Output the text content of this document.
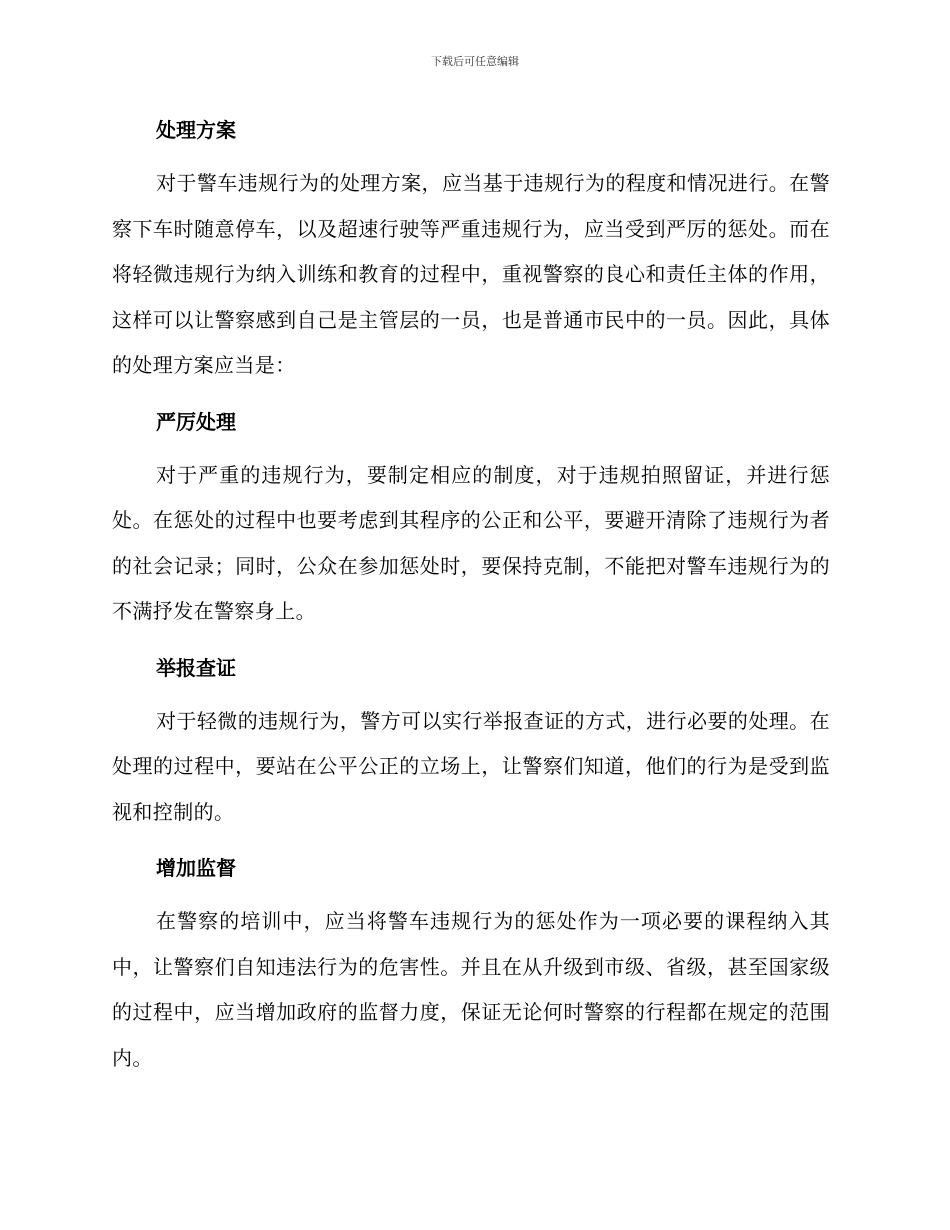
下载后可任意编辑
处理方案

对于警车违规行为的处理方案，应当基于违规行为的程度和情况进行。在警察下车时随意停车，以及超速行驶等严重违规行为，应当受到严厉的惩处。而在将轻微违规行为纳入训练和教育的过程中，重视警察的良心和责任主体的作用，这样可以让警察感到自己是主管层的一员，也是普通市民中的一员。因此，具体的处理方案应当是：

严厉处理

对于严重的违规行为，要制定相应的制度，对于违规拍照留证，并进行惩处。在惩处的过程中也要考虑到其程序的公正和公平，要避开清除了违规行为者的社会记录；同时，公众在参加惩处时，要保持克制，不能把对警车违规行为的不满抒发在警察身上。

举报查证

对于轻微的违规行为，警方可以实行举报查证的方式，进行必要的处理。在处理的过程中，要站在公平公正的立场上，让警察们知道，他们的行为是受到监视和控制的。

增加监督

在警察的培训中，应当将警车违规行为的惩处作为一项必要的课程纳入其中，让警察们自知违法行为的危害性。并且在从升级到市级、省级，甚至国家级的过程中，应当增加政府的监督力度，保证无论何时警察的行程都在规定的范围内。
